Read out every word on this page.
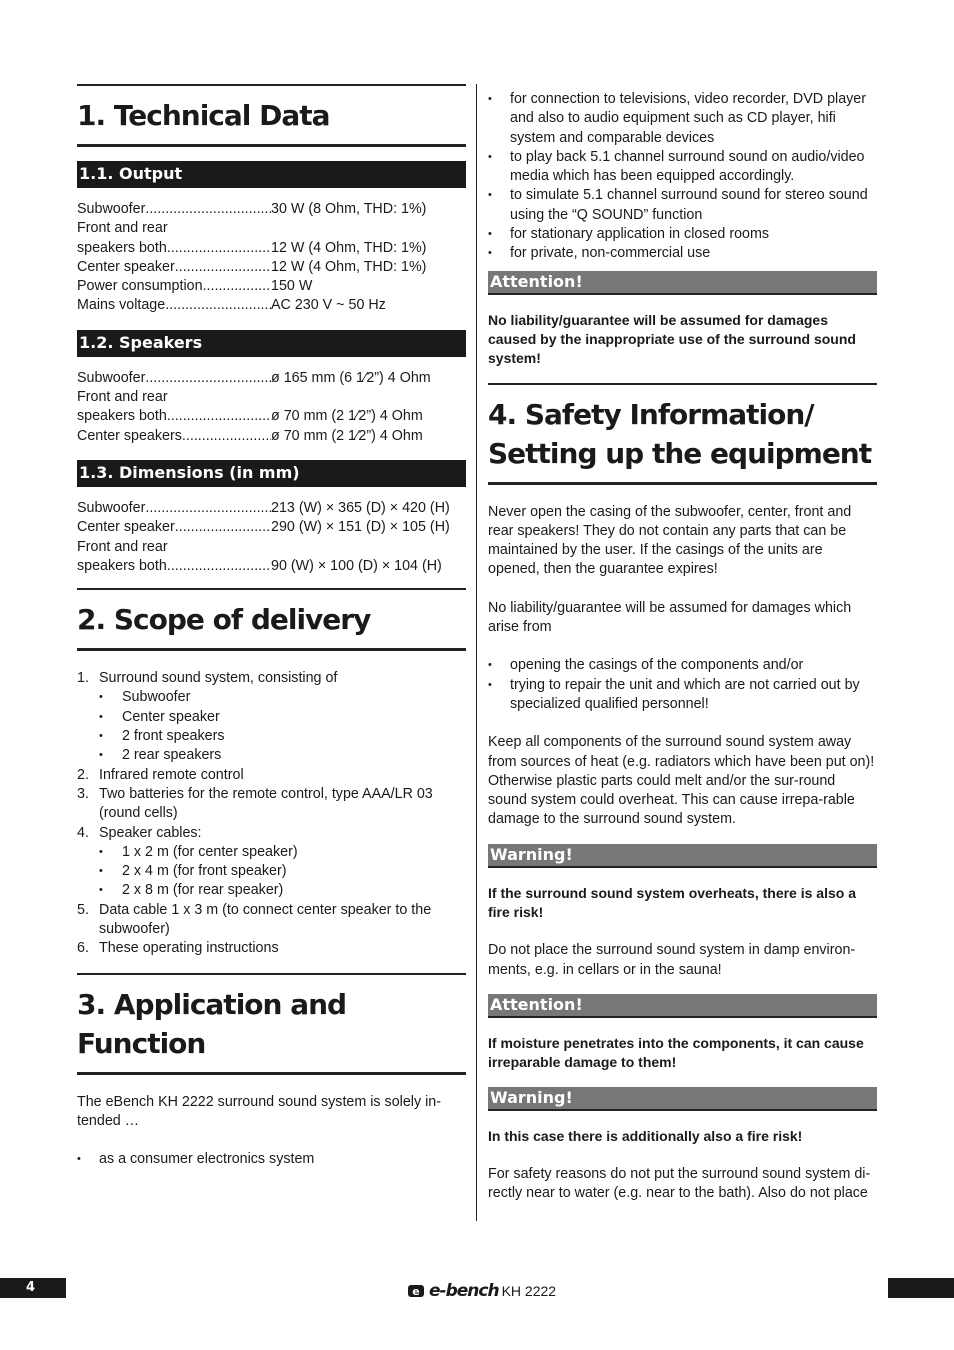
1. Technical Data
1.1. Output
Subwoofer .....	30 W (8 Ohm, THD: 1%)
Front and rear
speakers both .....	12 W (4 Ohm, THD: 1%)
Center speaker .....	12 W (4 Ohm, THD: 1%)
Power consumption .....	150 W
Mains voltage .....	AC 230 V ~ 50 Hz
1.2. Speakers
Subwoofer .....	ø 165 mm (6 1⁄2”) 4 Ohm
Front and rear
speakers both .....	ø 70 mm (2 1⁄2”) 4 Ohm
Center speakers .....	ø 70 mm (2 1⁄2”) 4 Ohm
1.3. Dimensions (in mm)
Subwoofer .....	213 (W) × 365 (D) × 420 (H)
Center speaker .....	290 (W) × 151 (D) × 105 (H)
Front and rear
speakers both .....	90 (W) × 100 (D) × 104 (H)
2. Scope of delivery
1. Surround sound system, consisting of
• Subwoofer
• Center speaker
• 2 front speakers
• 2 rear speakers
2. Infrared remote control
3. Two batteries for the remote control, type AAA/LR 03 (round cells)
4. Speaker cables:
• 1 x 2 m (for center speaker)
• 2 x 4 m (for front speaker)
• 2 x 8 m (for rear speaker)
5. Data cable 1 x 3 m (to connect center speaker to the subwoofer)
6. These operating instructions
3. Application and
Function

The eBench KH 2222 surround sound system is solely in-tended …

• as a consumer electronics system
• for connection to televisions, video recorder, DVD player and also to audio equipment such as CD player, hifi system and comparable devices
• to play back 5.1 channel surround sound on audio/video media which has been equipped accordingly.
• to simulate 5.1 channel surround sound for stereo sound using the “Q SOUND” function
• for stationary application in closed rooms
• for private, non-commercial use
Attention!

No liability/guarantee will be assumed for damages caused by the inappropriate use of the surround sound system!

4. Safety Information/
Setting up the equipment

Never open the casing of the subwoofer, center, front and rear speakers! They do not contain any parts that can be maintained by the user. If the casings of the units are opened, then the guarantee expires!

No liability/guarantee will be assumed for damages which arise from

• opening the casings of the components and/or
• trying to repair the unit and which are not carried out by specialized qualified personnel!

Keep all components of the surround sound system away from sources of heat (e.g. radiators which have been put on)! Otherwise plastic parts could melt and/or the sur-round sound system could overheat. This can cause irrepa-rable damage to the surround sound system.

Warning!

If the surround sound system overheats, there is also a fire risk!

Do not place the surround sound system in damp environ-ments, e.g. in cellars or in the sauna!

Attention!

If moisture penetrates into the components, it can cause irreparable damage to them!

Warning!

In this case there is additionally also a fire risk!

For safety reasons do not put the surround sound system di-rectly near to water (e.g. near to the bath). Also do not place

4	e e-bench KH 2222
